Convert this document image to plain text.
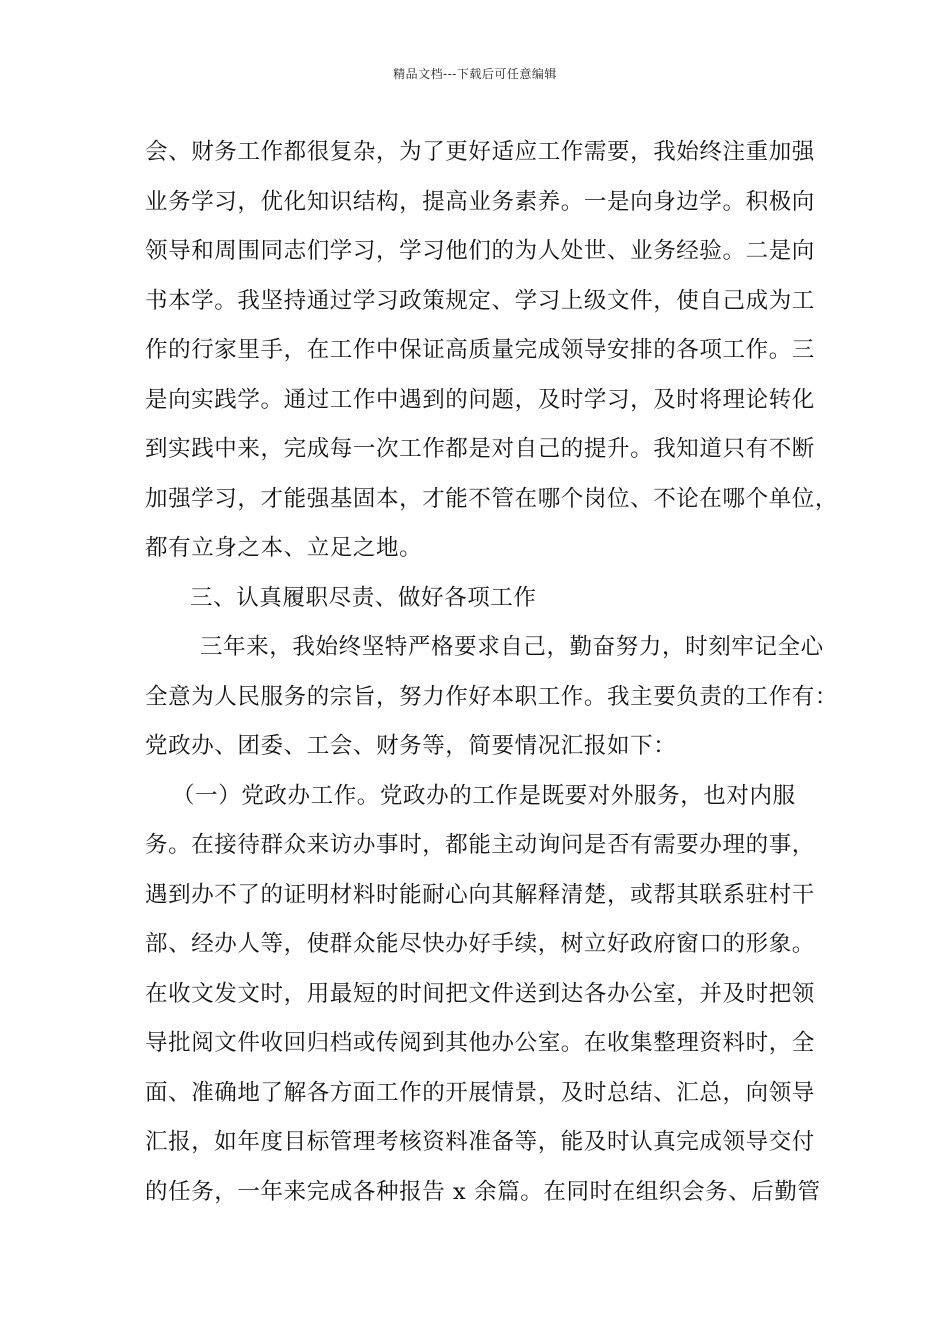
精品文档---下载后可任意编辑
会、财务工作都很复杂，为了更好适应工作需要，我始终注重加强
业务学习，优化知识结构，提高业务素养。一是向身边学。积极向
领导和周围同志们学习，学习他们的为人处世、业务经验。二是向
书本学。我坚持通过学习政策规定、学习上级文件，使自己成为工
作的行家里手，在工作中保证高质量完成领导安排的各项工作。三
是向实践学。通过工作中遇到的问题，及时学习，及时将理论转化
到实践中来，完成每一次工作都是对自己的提升。我知道只有不断
加强学习，才能强基固本，才能不管在哪个岗位、不论在哪个单位，
都有立身之本、立足之地。
三、认真履职尽责、做好各项工作
三年来，我始终坚特严格要求自己，勤奋努力，时刻牢记全心
全意为人民服务的宗旨，努力作好本职工作。我主要负责的工作有：
党政办、团委、工会、财务等，简要情况汇报如下：
（一）党政办工作。党政办的工作是既要对外服务，也对内服
务。在接待群众来访办事时，都能主动询问是否有需要办理的事，
遇到办不了的证明材料时能耐心向其解释清楚，或帮其联系驻村干
部、经办人等，使群众能尽快办好手续，树立好政府窗口的形象。
在收文发文时，用最短的时间把文件送到达各办公室，并及时把领
导批阅文件收回归档或传阅到其他办公室。在收集整理资料时，全
面、准确地了解各方面工作的开展情景，及时总结、汇总，向领导
汇报，如年度目标管理考核资料准备等，能及时认真完成领导交付
的任务，一年来完成各种报告 x 余篇。在同时在组织会务、后勤管
